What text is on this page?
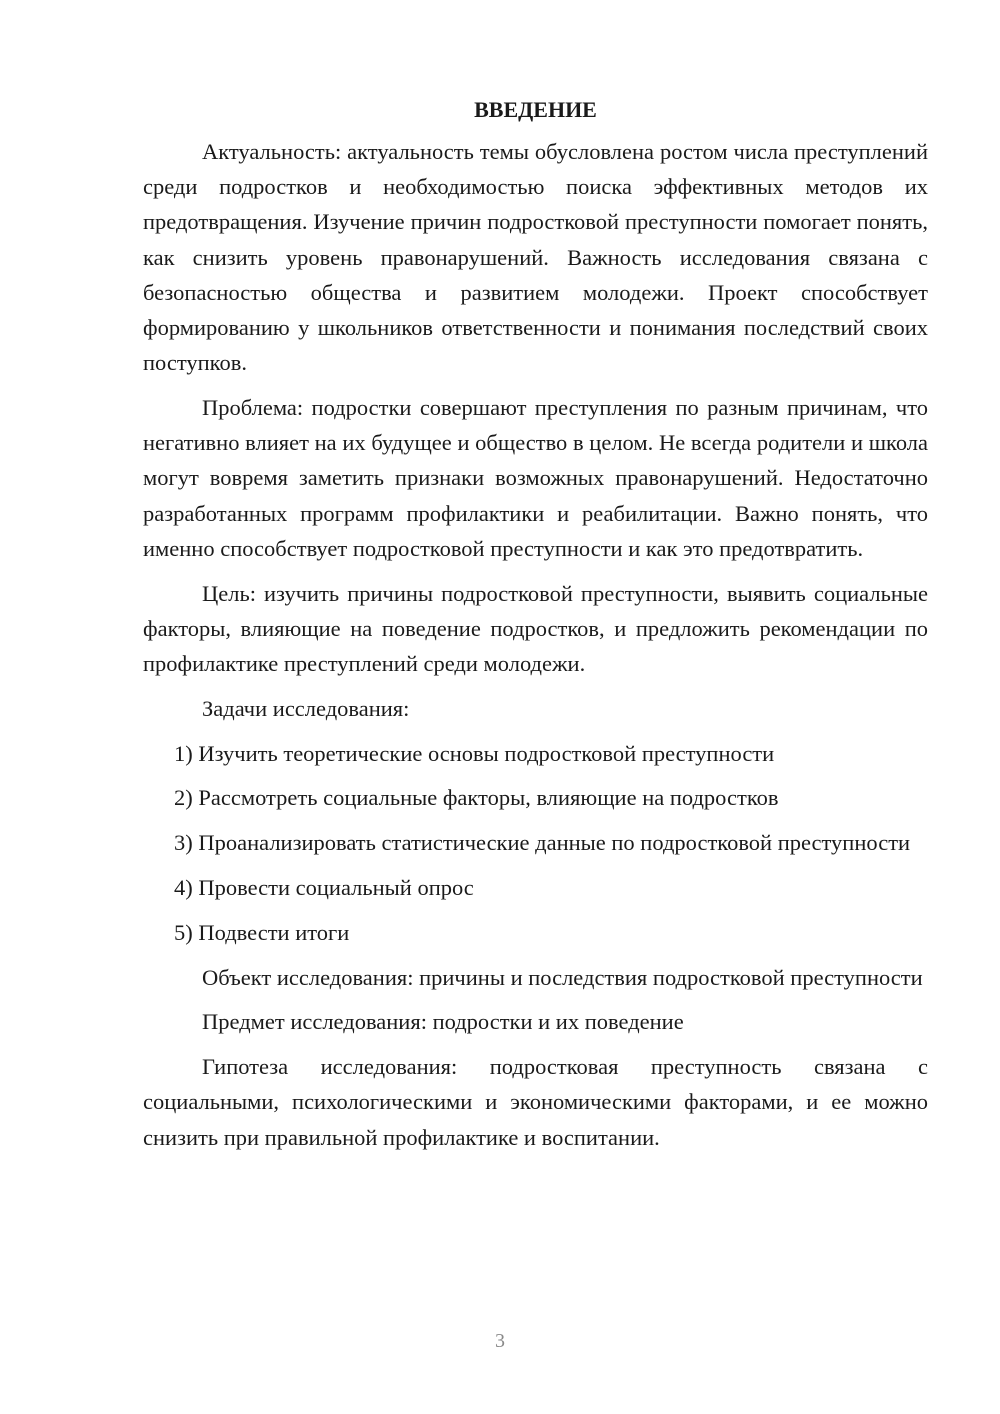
ВВЕДЕНИЕ

Актуальность: актуальность темы обусловлена ростом числа преступлений среди подростков и необходимостью поиска эффективных методов их предотвращения. Изучение причин подростковой преступности помогает понять, как снизить уровень правонарушений. Важность исследования связана с безопасностью общества и развитием молодежи. Проект способствует формированию у школьников ответственности и понимания последствий своих поступков.

Проблема: подростки совершают преступления по разным причинам, что негативно влияет на их будущее и общество в целом. Не всегда родители и школа могут вовремя заметить признаки возможных правонарушений. Недостаточно разработанных программ профилактики и реабилитации. Важно понять, что именно способствует подростковой преступности и как это предотвратить.

Цель: изучить причины подростковой преступности, выявить социальные факторы, влияющие на поведение подростков, и предложить рекомендации по профилактике преступлений среди молодежи.

Задачи исследования:

1) Изучить теоретические основы подростковой преступности

2) Рассмотреть социальные факторы, влияющие на подростков

3) Проанализировать статистические данные по подростковой преступности

4) Провести социальный опрос

5) Подвести итоги

Объект исследования: причины и последствия подростковой преступности

Предмет исследования: подростки и их поведение

Гипотеза исследования: подростковая преступность связана с социальными, психологическими и экономическими факторами, и ее можно снизить при правильной профилактике и воспитании.

3
